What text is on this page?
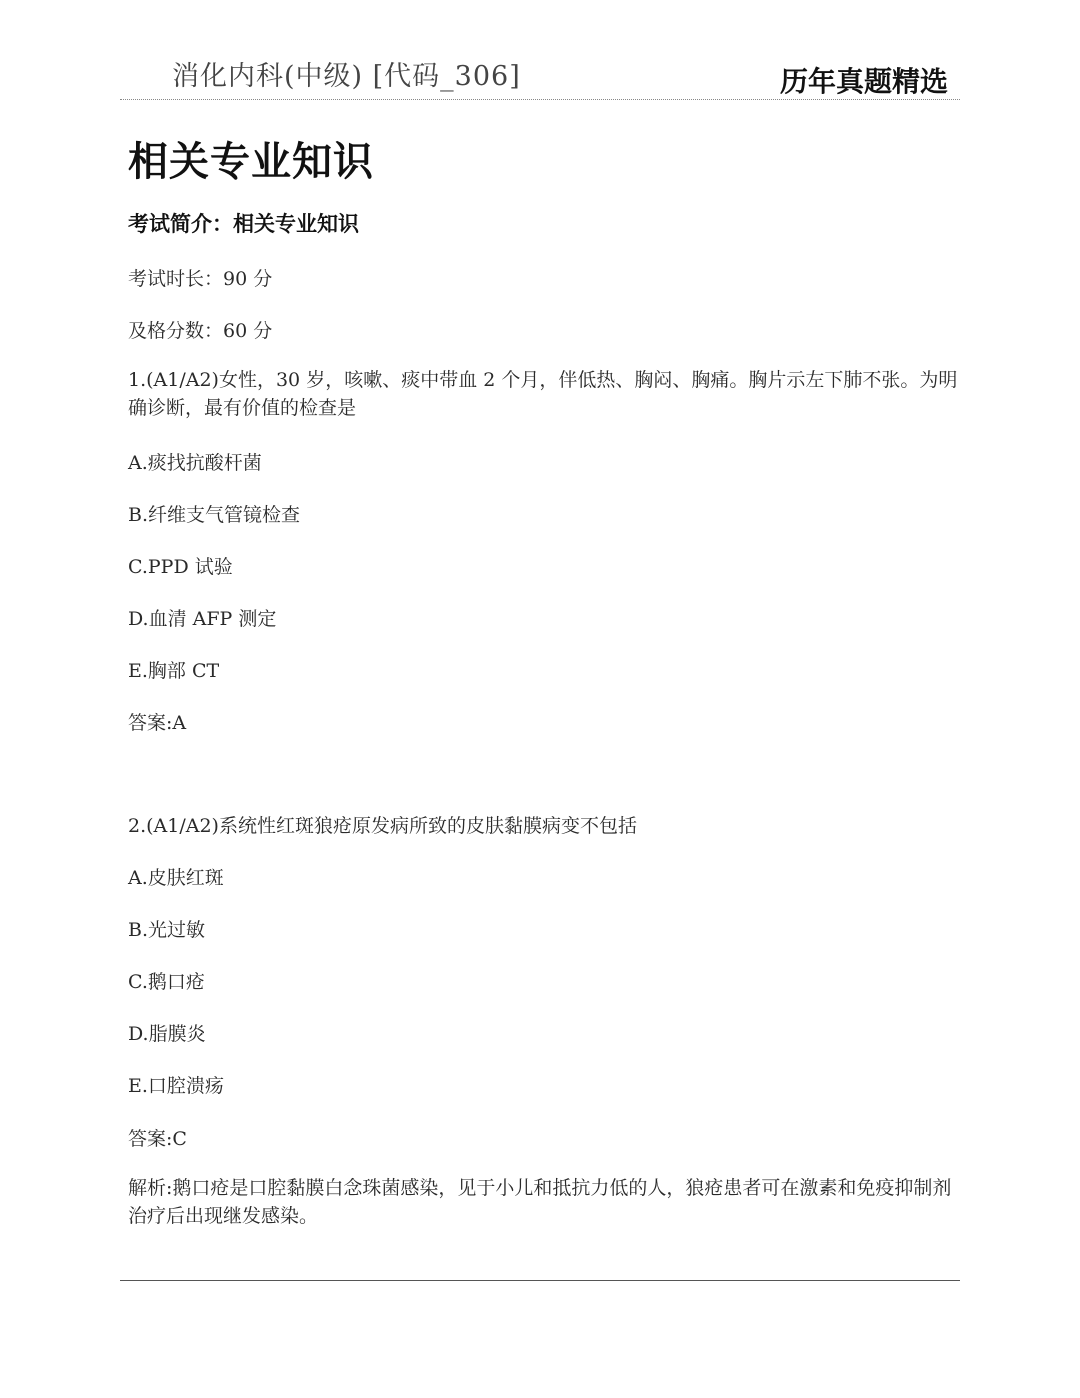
消化内科(中级) [代码_306]	历年真题精选
相关专业知识
考试简介：相关专业知识
考试时长：90 分
及格分数：60 分
1.(A1/A2)女性，30 岁，咳嗽、痰中带血 2 个月，伴低热、胸闷、胸痛。胸片示左下肺不张。为明确诊断，最有价值的检查是
A.痰找抗酸杆菌
B.纤维支气管镜检查
C.PPD 试验
D.血清 AFP 测定
E.胸部 CT
答案:A
2.(A1/A2)系统性红斑狼疮原发病所致的皮肤黏膜病变不包括
A.皮肤红斑
B.光过敏
C.鹅口疮
D.脂膜炎
E.口腔溃疡
答案:C
解析:鹅口疮是口腔黏膜白念珠菌感染，见于小儿和抵抗力低的人，狼疮患者可在激素和免疫抑制剂治疗后出现继发感染。
